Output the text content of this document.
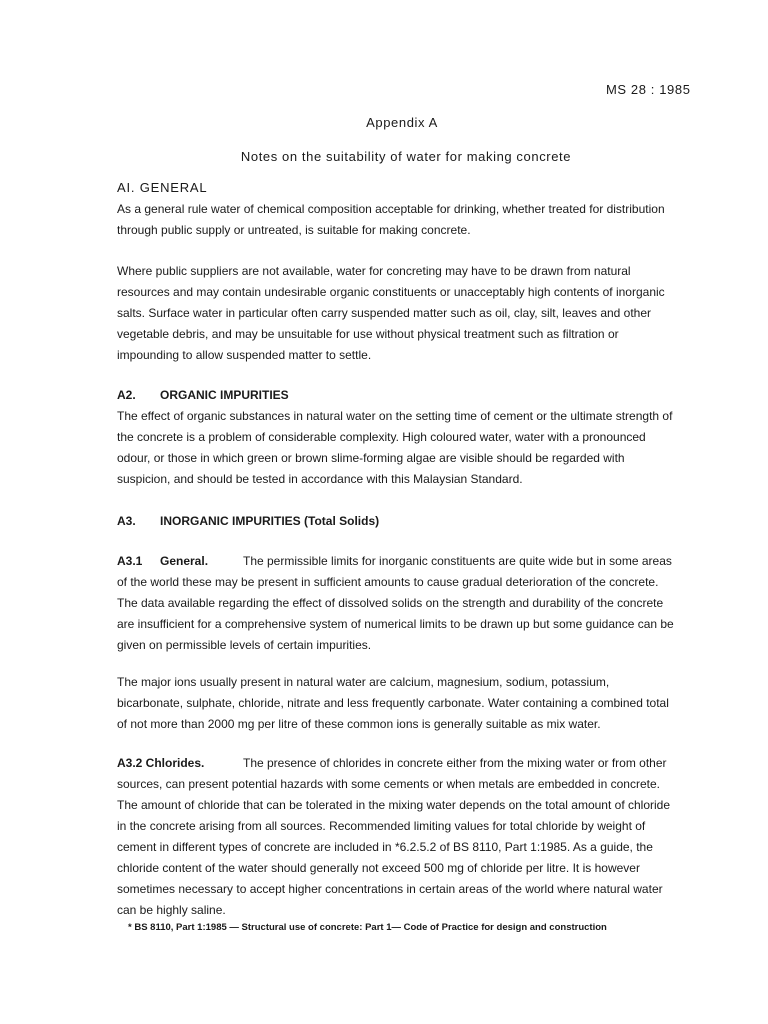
MS 28 : 1985
Appendix A
Notes on the suitability of water for making concrete
AI. GENERAL

As a general rule water of chemical composition acceptable for drinking, whether treated for distribution through public supply or untreated, is suitable for making concrete.

Where public suppliers are not available, water for concreting may have to be drawn from natural resources and may contain undesirable organic constituents or unacceptably high contents of inorganic salts. Surface water in particular often carry suspended matter such as oil, clay, silt, leaves and other vegetable debris, and may be unsuitable for use without physical treatment such as filtration or impounding to allow suspended matter to settle.

A2. ORGANIC IMPURITIES

The effect of organic substances in natural water on the setting time of cement or the ultimate strength of the concrete is a problem of considerable complexity. High coloured water, water with a pronounced odour, or those in which green or brown slime-forming algae are visible should be regarded with suspicion, and should be tested in accordance with this Malaysian Standard.

A3. INORGANIC IMPURITIES (Total Solids)

A3.1 General.	The permissible limits for inorganic constituents are quite wide but in some areas of the world these may be present in sufficient amounts to cause gradual deterioration of the concrete. The data available regarding the effect of dissolved solids on the strength and durability of the concrete are insufficient for a comprehensive system of numerical limits to be drawn up but some guidance can be given on permissible levels of certain impurities.

The major ions usually present in natural water are calcium, magnesium, sodium, potassium, bicarbonate, sulphate, chloride, nitrate and less frequently carbonate. Water containing a combined total of not more than 2000 mg per litre of these common ions is generally suitable as mix water.

A3.2 Chlorides.	The presence of chlorides in concrete either from the mixing water or from other sources, can present potential hazards with some cements or when metals are embedded in concrete. The amount of chloride that can be tolerated in the mixing water depends on the total amount of chloride in the concrete arising from all sources. Recommended limiting values for total chloride by weight of cement in different types of concrete are included in *6.2.5.2 of BS 8110, Part 1:1985. As a guide, the chloride content of the water should generally not exceed 500 mg of chloride per litre. It is however sometimes necessary to accept higher concentrations in certain areas of the world where natural water can be highly saline.

* BS 8110, Part 1:1985 — Structural use of concrete: Part 1— Code of Practice for design and construction
